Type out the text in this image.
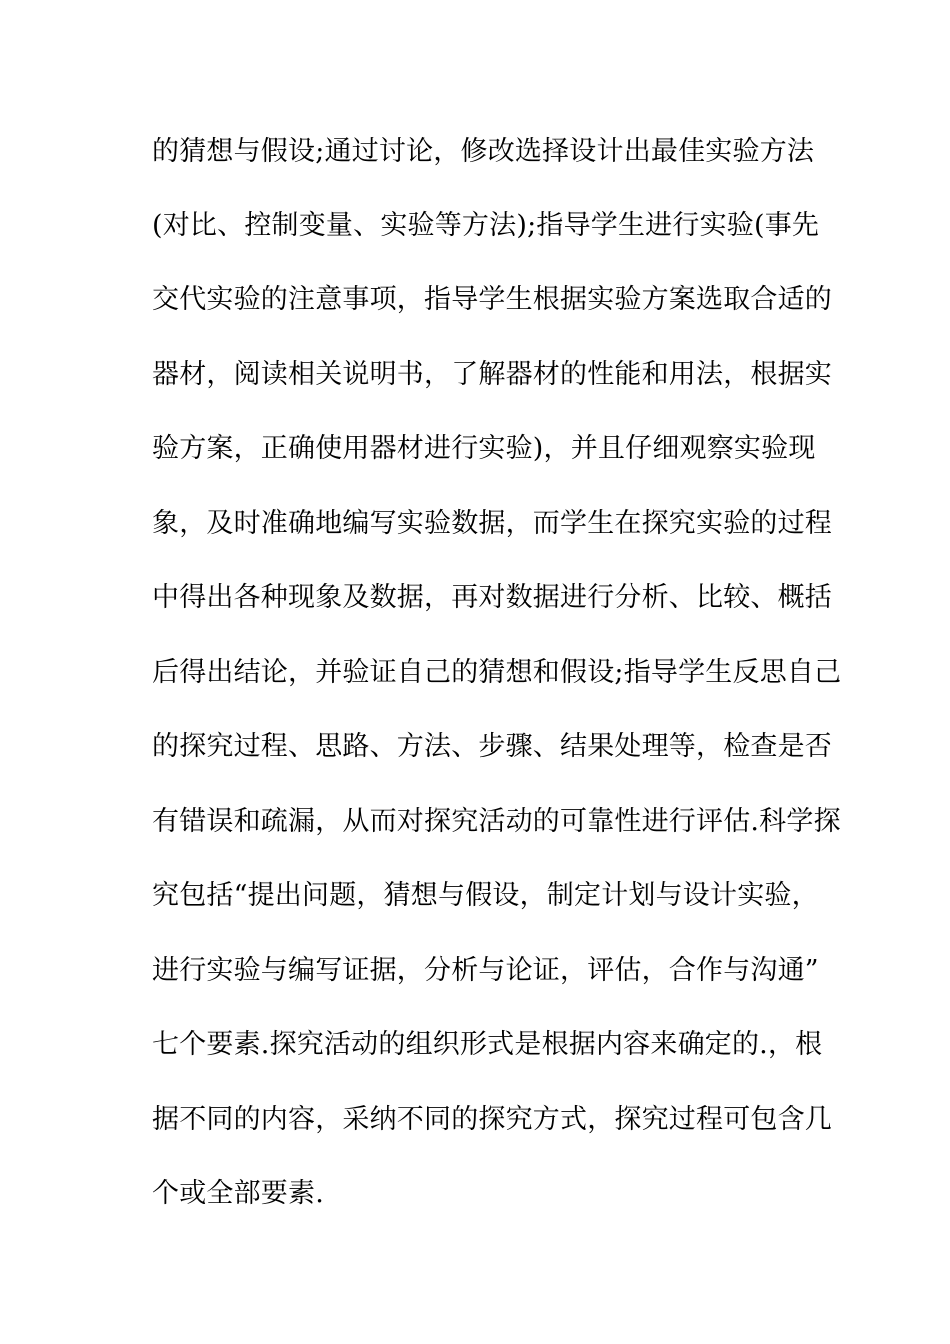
的猜想与假设;通过讨论，修改选择设计出最佳实验方法
(对比、控制变量、实验等方法);指导学生进行实验(事先
交代实验的注意事项，指导学生根据实验方案选取合适的
器材，阅读相关说明书，了解器材的性能和用法，根据实
验方案，正确使用器材进行实验)，并且仔细观察实验现
象，及时准确地编写实验数据，而学生在探究实验的过程
中得出各种现象及数据，再对数据进行分析、比较、概括
后得出结论，并验证自己的猜想和假设;指导学生反思自己
的探究过程、思路、方法、步骤、结果处理等，检查是否
有错误和疏漏，从而对探究活动的可靠性进行评估.科学探
究包括“提出问题，猜想与假设，制定计划与设计实验，
进行实验与编写证据，分析与论证，评估，合作与沟通”
七个要素.探究活动的组织形式是根据内容来确定的.，根
据不同的内容，采纳不同的探究方式，探究过程可包含几
个或全部要素.
